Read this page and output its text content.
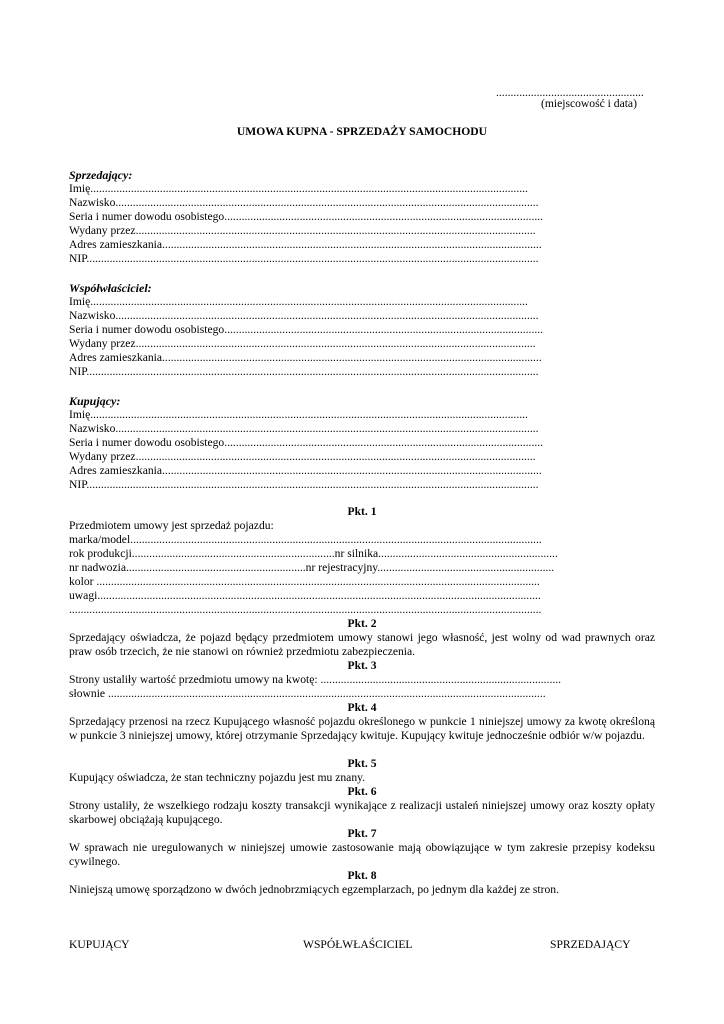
...................................................
(miejscowość i data)
UMOWA KUPNA - SPRZEDAŻY SAMOCHODU
Sprzedający:
Imię.......................................................................................................................................................
Nazwisko..................................................................................................................................................
Seria i numer dowodu osobistego..............................................................................................................
Wydany przez..........................................................................................................................................
Adres zamieszkania...................................................................................................................................
NIP............................................................................................................................................................
Współwłaściciel:
Imię.......................................................................................................................................................
Nazwisko..................................................................................................................................................
Seria i numer dowodu osobistego..............................................................................................................
Wydany przez..........................................................................................................................................
Adres zamieszkania...................................................................................................................................
NIP............................................................................................................................................................
Kupujący:
Imię.......................................................................................................................................................
Nazwisko..................................................................................................................................................
Seria i numer dowodu osobistego..............................................................................................................
Wydany przez..........................................................................................................................................
Adres zamieszkania...................................................................................................................................
NIP............................................................................................................................................................
Pkt. 1
Przedmiotem umowy jest sprzedaż pojazdu:
marka/model..............................................................................................................................................
rok produkcji......................................................................nr silnika..............................................................
nr nadwozia..............................................................nr rejestracyjny.............................................................
kolor .........................................................................................................................................................
uwagi.........................................................................................................................................................
...................................................................................................................................................................
Pkt. 2
Sprzedający oświadcza, że pojazd będący przedmiotem umowy stanowi jego własność, jest wolny od wad prawnych oraz praw osób trzecich, że nie stanowi on również przedmiotu zabezpieczenia.
Pkt. 3
Strony ustaliły wartość przedmiotu umowy na kwotę: ...................................................................................
słownie .......................................................................................................................................................
Pkt. 4
Sprzedający przenosi na rzecz Kupującego własność pojazdu określonego w punkcie 1 niniejszej umowy za kwotę określoną w punkcie 3 niniejszej umowy, której otrzymanie Sprzedający kwituje. Kupujący kwituje jednocześnie odbiór w/w pojazdu.
Pkt. 5
Kupujący oświadcza, że stan techniczny pojazdu jest mu znany.
Pkt. 6
Strony ustaliły, że wszelkiego rodzaju koszty transakcji wynikające z realizacji ustaleń niniejszej umowy oraz koszty opłaty skarbowej obciążają kupującego.
Pkt. 7
W sprawach nie uregulowanych w niniejszej umowie zastosowanie mają obowiązujące w tym zakresie przepisy kodeksu cywilnego.
Pkt. 8
Niniejszą umowę sporządzono w dwóch jednobrzmiących egzemplarzach, po jednym dla każdej ze stron.
KUPUJĄCY	WSPÓŁWŁAŚCICIEL	SPRZEDAJĄCY
